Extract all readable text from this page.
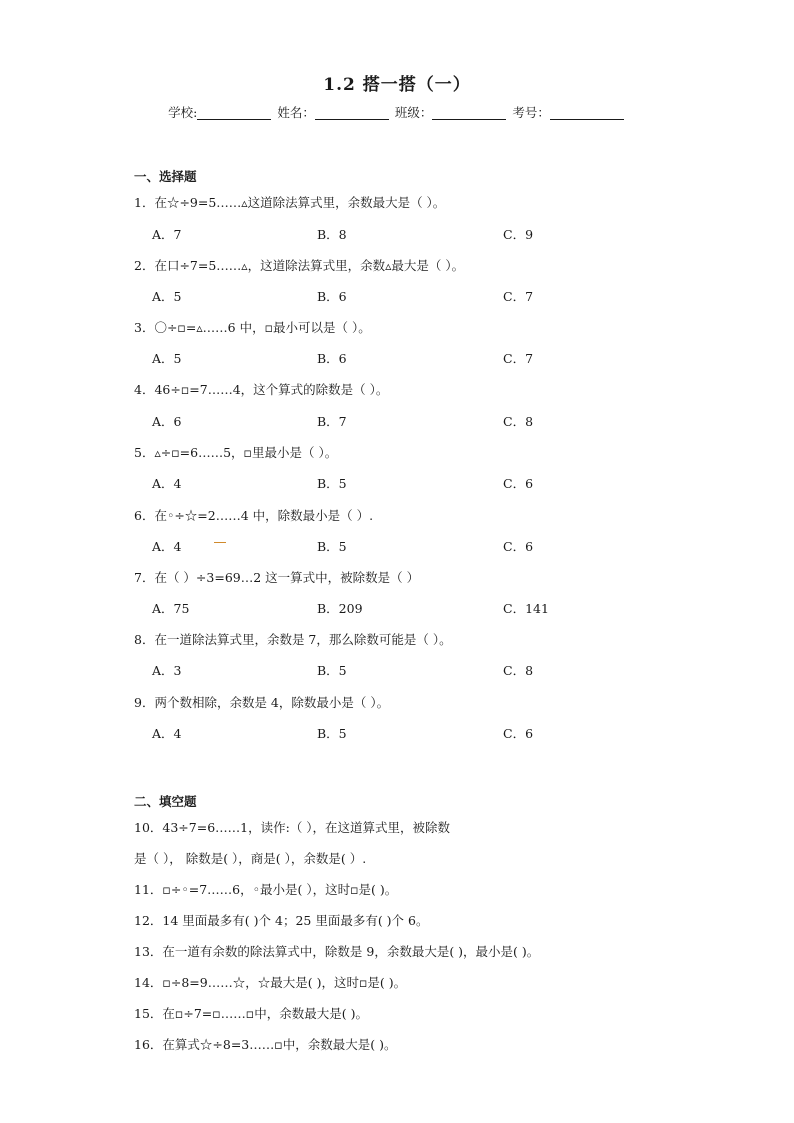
1.2 搭一搭（一）
学校:	姓名：	班级：	考号：
一、选择题
1．在☆÷9=5……▵这道除法算式里，余数最大是（ ）。
A．7	B．8	C．9
2．在口÷7=5……▵，这道除法算式里，余数▵最大是（ ）。
A．5	B．6	C．7
3．〇÷▫=▵……6 中，▫最小可以是（ ）。
A．5	B．6	C．7
4．46÷▫=7……4，这个算式的除数是（ ）。
A．6	B．7	C．8
5．▵÷▫=6……5，▫里最小是（ ）。
A．4	B．5	C．6
6．在◦÷☆=2……4 中，除数最小是（ ）.
A．4	B．5	C．6
7．在（ ）÷3=69…2 这一算式中，被除数是（ ）
A．75	B．209	C．141
8．在一道除法算式里，余数是 7，那么除数可能是（ ）。
A．3	B．5	C．8
9．两个数相除，余数是 4，除数最小是（ ）。
A．4	B．5	C．6
二、填空题
10．43÷7=6……1，读作:（ ），在这道算式里，被除数
是（ ）， 除数是( ），商是( ），余数是( ）.
11．▫÷◦=7……6，◦最小是( ），这时▫是( )。
12．14 里面最多有( )个 4；25 里面最多有( )个 6。
13．在一道有余数的除法算式中，除数是 9，余数最大是( )，最小是( )。
14．▫÷8=9……☆，☆最大是( )，这时▫是( )。
15．在▫÷7=▫……▫中，余数最大是( )。
16．在算式☆÷8=3……▫中，余数最大是( )。
